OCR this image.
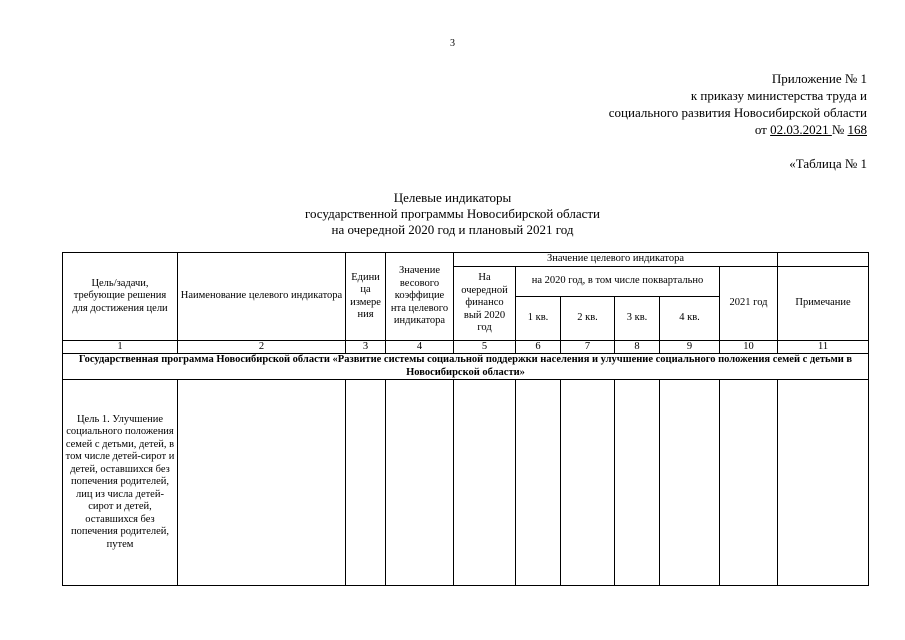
3
Приложение № 1
к приказу министерства труда и
социального развития Новосибирской области
от 02.03.2021 № 168
«Таблица № 1
Целевые индикаторы
государственной программы Новосибирской области
на очередной 2020 год и плановый 2021 год
Цель/задачи, требующие решения для достижения цели	Наименование целевого индикатора	Едини ца измере ния	Значение весового коэффицие нта целевого индикатора	Значение целевого индикатора						
				На очередной финансо вый 2020 год	на 2020 год, в том числе поквартально				2021 год	Примечание
					1 кв.	2 кв.	3 кв.	4 кв.		
1	2	3	4	5	6	7	8	9	10	11
Государственная программа Новосибирской области «Развитие системы социальной поддержки населения и улучшение социального положения семей с детьми в Новосибирской области»										
Цель 1. Улучшение социального положения семей с детьми, детей, в том числе детей-сирот и детей, оставшихся без попечения родителей, лиц из числа детей-сирот и детей, оставшихся без попечения родителей, путем										
